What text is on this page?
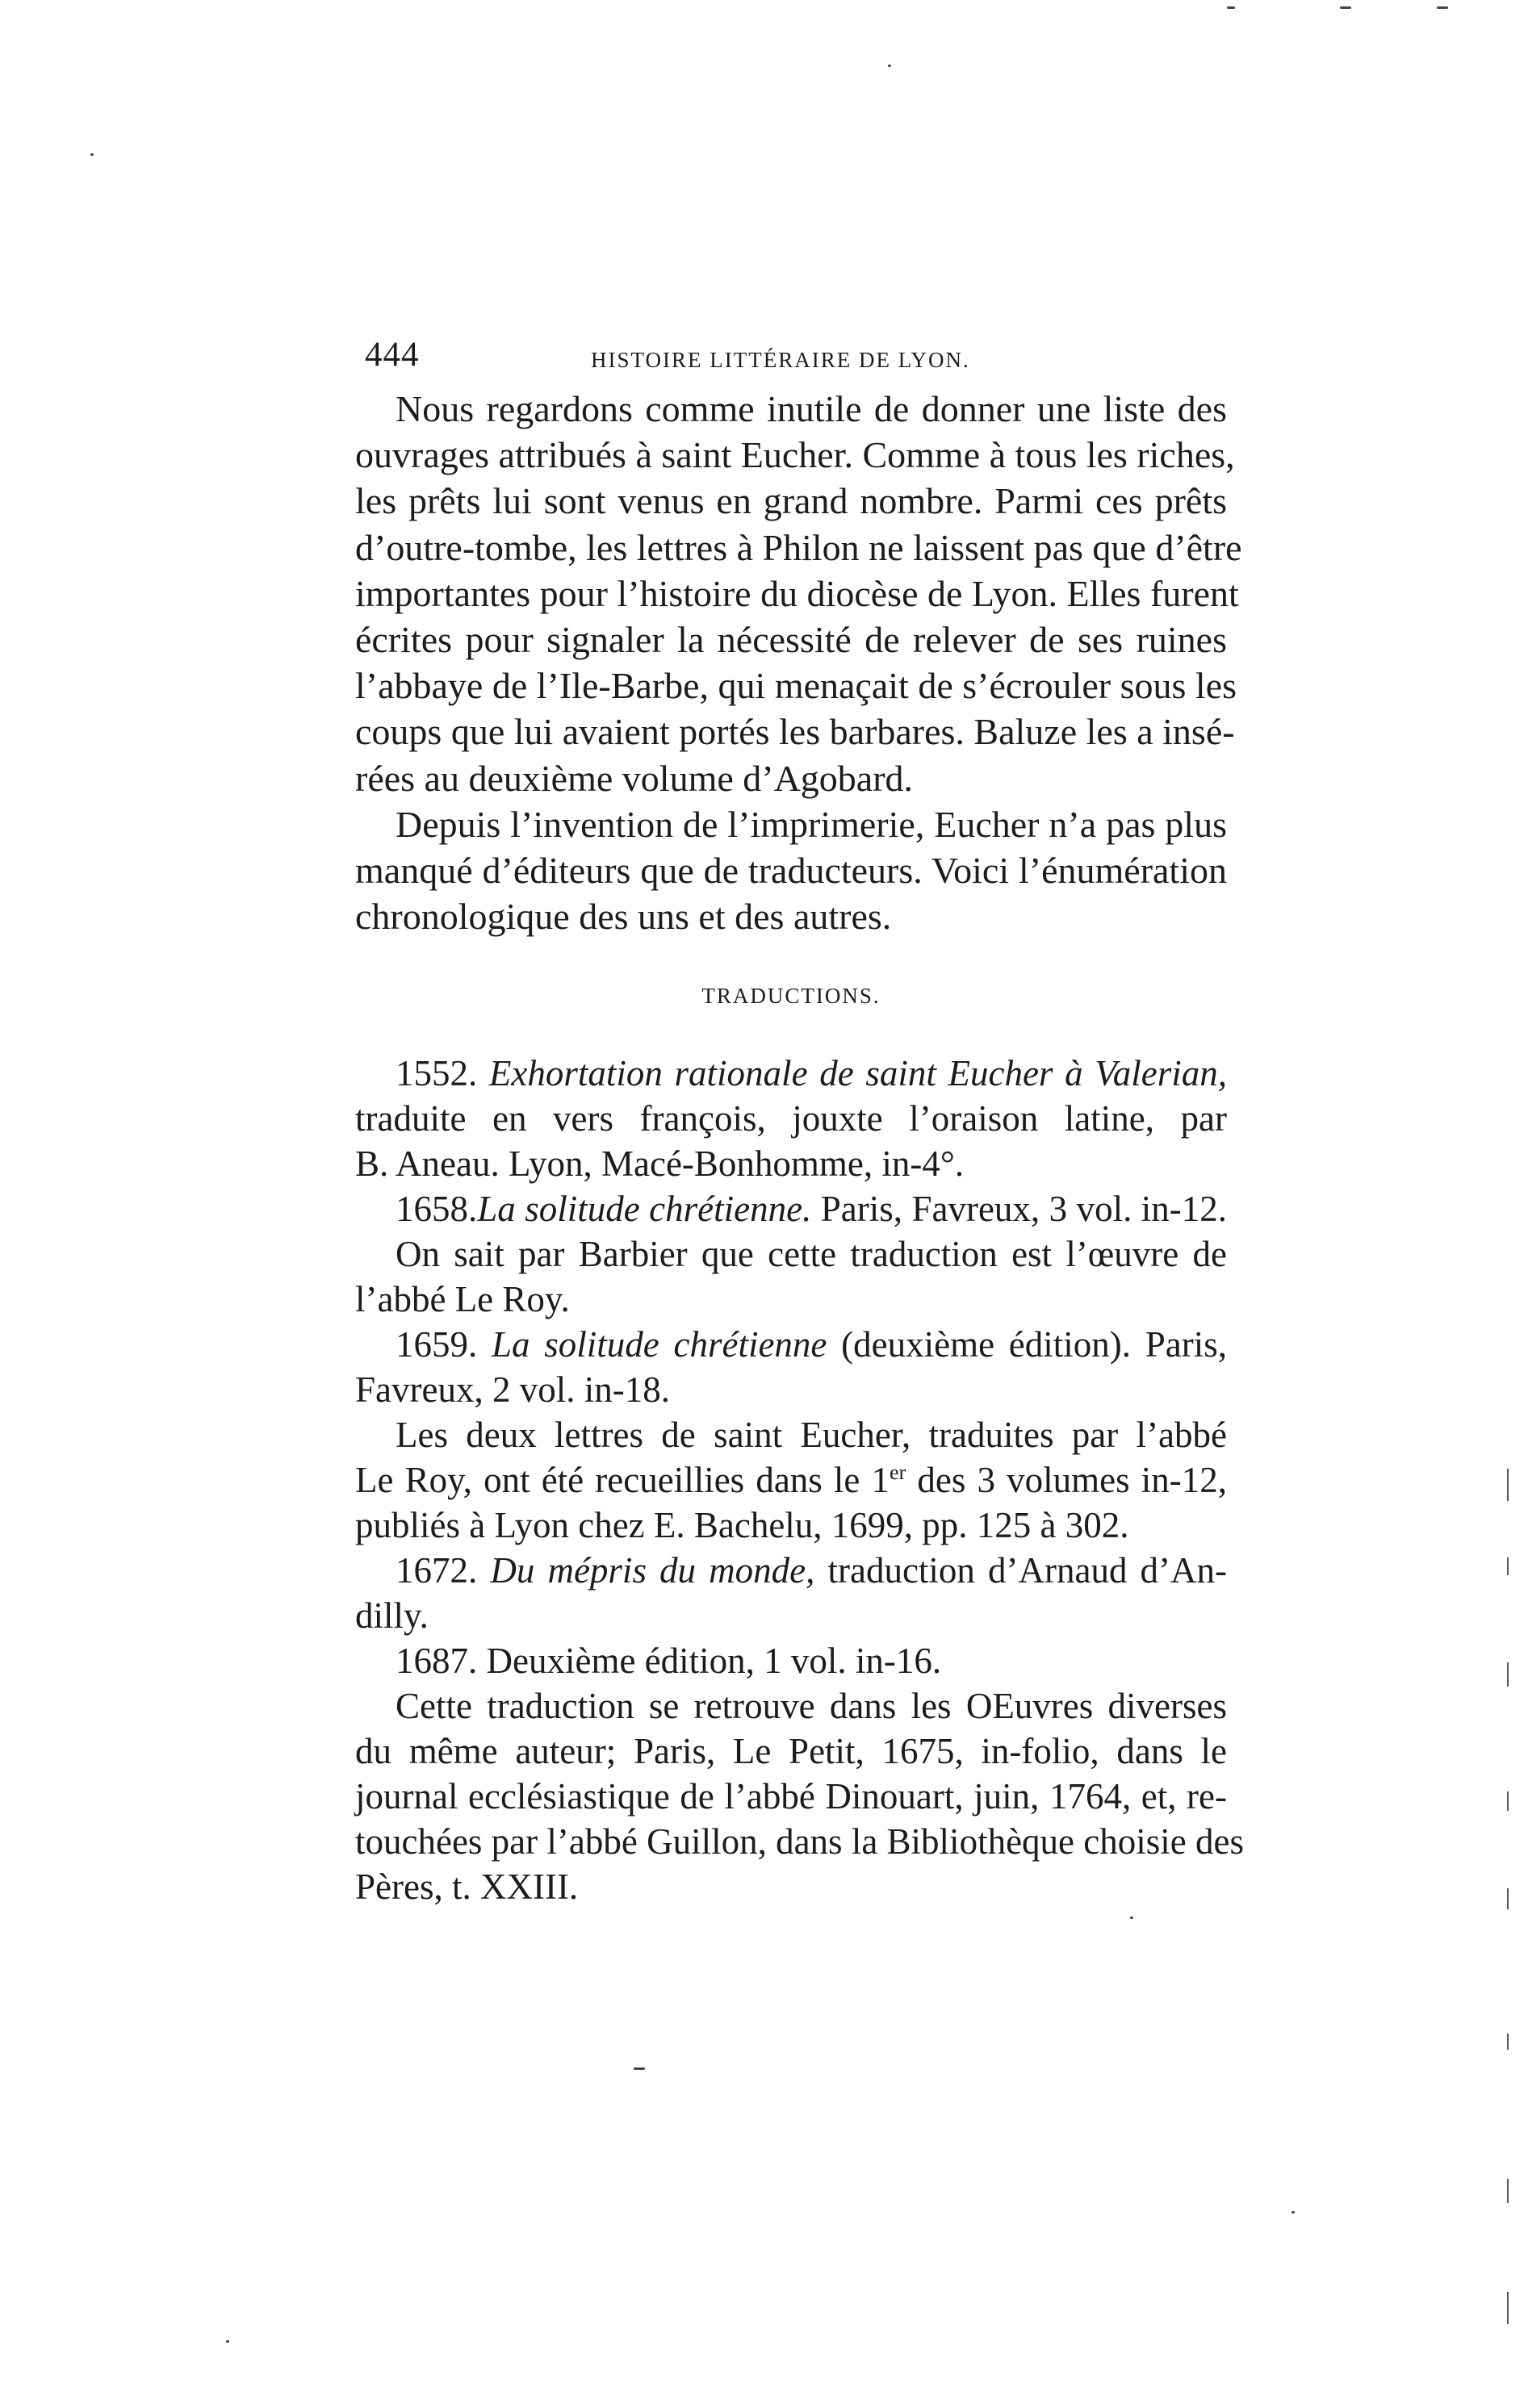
444	HISTOIRE LITTÉRAIRE DE LYON.
Nous regardons comme inutile de donner une liste des
ouvrages attribués à saint Eucher. Comme à tous les riches,
les prêts lui sont venus en grand nombre. Parmi ces prêts
d’outre-tombe, les lettres à Philon ne laissent pas que d’être
importantes pour l’histoire du diocèse de Lyon. Elles furent
écrites pour signaler la nécessité de relever de ses ruines
l’abbaye de l’Ile-Barbe, qui menaçait de s’écrouler sous les
coups que lui avaient portés les barbares. Baluze les a insé-
rées au deuxième volume d’Agobard.
Depuis l’invention de l’imprimerie, Eucher n’a pas plus
manqué d’éditeurs que de traducteurs. Voici l’énumération
chronologique des uns et des autres.
TRADUCTIONS.
1552. Exhortation rationale de saint Eucher à Valerian,
traduite en vers françois, jouxte l’oraison latine, par
B. Aneau. Lyon, Macé-Bonhomme, in-4°.
1658.La solitude chrétienne. Paris, Favreux, 3 vol. in-12.
On sait par Barbier que cette traduction est l’œuvre de
l’abbé Le Roy.
1659. La solitude chrétienne (deuxième édition). Paris,
Favreux, 2 vol. in-18.
Les deux lettres de saint Eucher, traduites par l’abbé
Le Roy, ont été recueillies dans le 1er des 3 volumes in-12,
publiés à Lyon chez E. Bachelu, 1699, pp. 125 à 302.
1672. Du mépris du monde, traduction d’Arnaud d’An-
dilly.
1687. Deuxième édition, 1 vol. in-16.
Cette traduction se retrouve dans les OEuvres diverses
du même auteur; Paris, Le Petit, 1675, in-folio, dans le
journal ecclésiastique de l’abbé Dinouart, juin, 1764, et, re-
touchées par l’abbé Guillon, dans la Bibliothèque choisie des
Pères, t. XXIII.
